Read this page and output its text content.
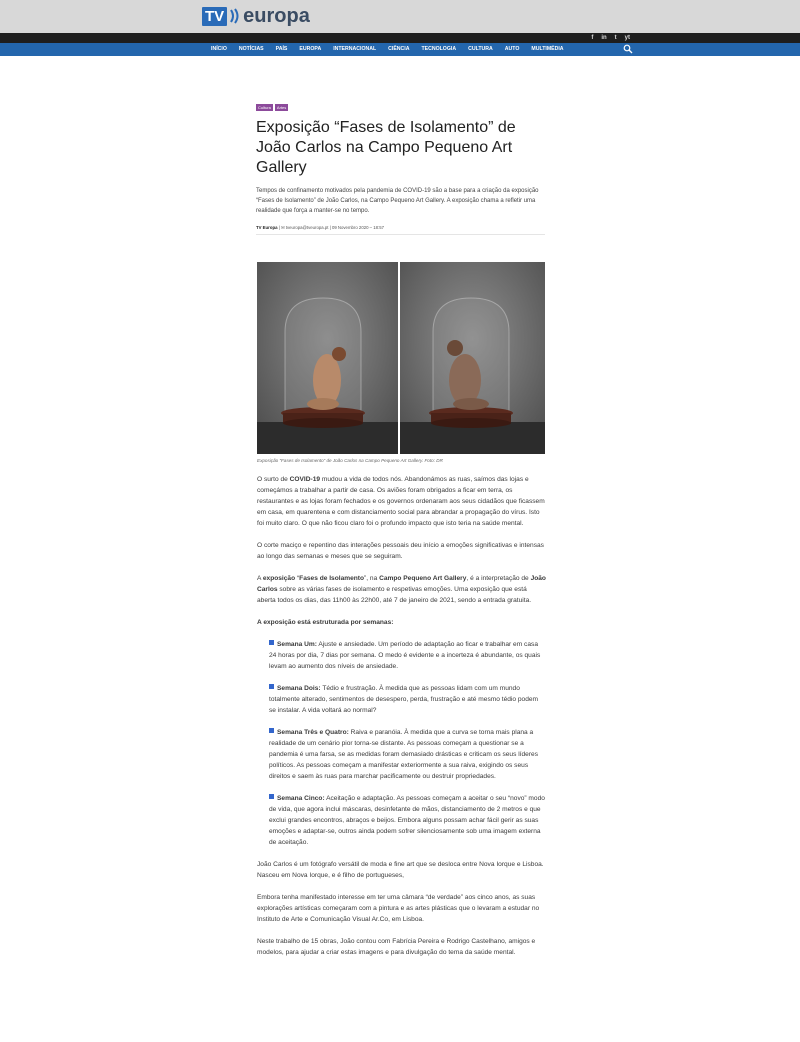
TV europa
f in t yt
INÍCIO	NOTÍCIAS	PAÍS	EUROPA	INTERNACIONAL	CIÊNCIA	TECNOLOGIA	CULTURA	AUTO	MULTIMÉDIA
Cultura	Artes
Exposição “Fases de Isolamento” de João Carlos na Campo Pequeno Art Gallery
Tempos de confinamento motivados pela pandemia de COVID-19 são a base para a criação da exposição “Fases de Isolamento” de João Carlos, na Campo Pequeno Art Gallery. A exposição chama a refletir uma realidade que força a manter-se no tempo.
TV Europa | ✉ tveuropa@tveuropa.pt | 09 Novembro 2020 – 18:57
Exposição “Fases de Isolamento” de João Carlos na Campo Pequeno Art Gallery. Foto: DR

O surto de COVID-19 mudou a vida de todos nós. Abandonámos as ruas, saímos das lojas e começámos a trabalhar a partir de casa. Os aviões foram obrigados a ficar em terra, os restaurantes e as lojas foram fechados e os governos ordenaram aos seus cidadãos que ficassem em casa, em quarentena e com distanciamento social para abrandar a propagação do vírus. Isto foi muito claro. O que não ficou claro foi o profundo impacto que isto teria na saúde mental.

O corte maciço e repentino das interações pessoais deu início a emoções significativas e intensas ao longo das semanas e meses que se seguiram.

A exposição “Fases de Isolamento”, na Campo Pequeno Art Gallery, é a interpretação de João Carlos sobre as várias fases de isolamento e respetivas emoções. Uma exposição que está aberta todos os dias, das 11h00 às 22h00, até 7 de janeiro de 2021, sendo a entrada gratuita.

A exposição está estruturada por semanas:

Semana Um: Ajuste e ansiedade. Um período de adaptação ao ficar e trabalhar em casa 24 horas por dia, 7 dias por semana. O medo é evidente e a incerteza é abundante, os quais levam ao aumento dos níveis de ansiedade.
Semana Dois: Tédio e frustração. À medida que as pessoas lidam com um mundo totalmente alterado, sentimentos de desespero, perda, frustração e até mesmo tédio podem se instalar. A vida voltará ao normal?
Semana Três e Quatro: Raiva e paranóia. À medida que a curva se torna mais plana a realidade de um cenário pior torna-se distante. As pessoas começam a questionar se a pandemia é uma farsa, se as medidas foram demasiado drásticas e criticam os seus líderes políticos. As pessoas começam a manifestar exteriormente a sua raiva, exigindo os seus direitos e saem às ruas para marchar pacificamente ou destruir propriedades.
Semana Cinco: Aceitação e adaptação. As pessoas começam a aceitar o seu “novo” modo de vida, que agora inclui máscaras, desinfetante de mãos, distanciamento de 2 metros e que exclui grandes encontros, abraços e beijos. Embora alguns possam achar fácil gerir as suas emoções e adaptar-se, outros ainda podem sofrer silenciosamente sob uma imagem externa de aceitação.

João Carlos é um fotógrafo versátil de moda e fine art que se desloca entre Nova Iorque e Lisboa. Nasceu em Nova Iorque, e é filho de portugueses,

Embora tenha manifestado interesse em ter uma câmara “de verdade” aos cinco anos, as suas explorações artísticas começaram com a pintura e as artes plásticas que o levaram a estudar no Instituto de Arte e Comunicação Visual Ar.Co, em Lisboa.

Neste trabalho de 15 obras, João contou com Fabrícia Pereira e Rodrigo Castelhano, amigos e modelos, para ajudar a criar estas imagens e para divulgação do tema da saúde mental.
